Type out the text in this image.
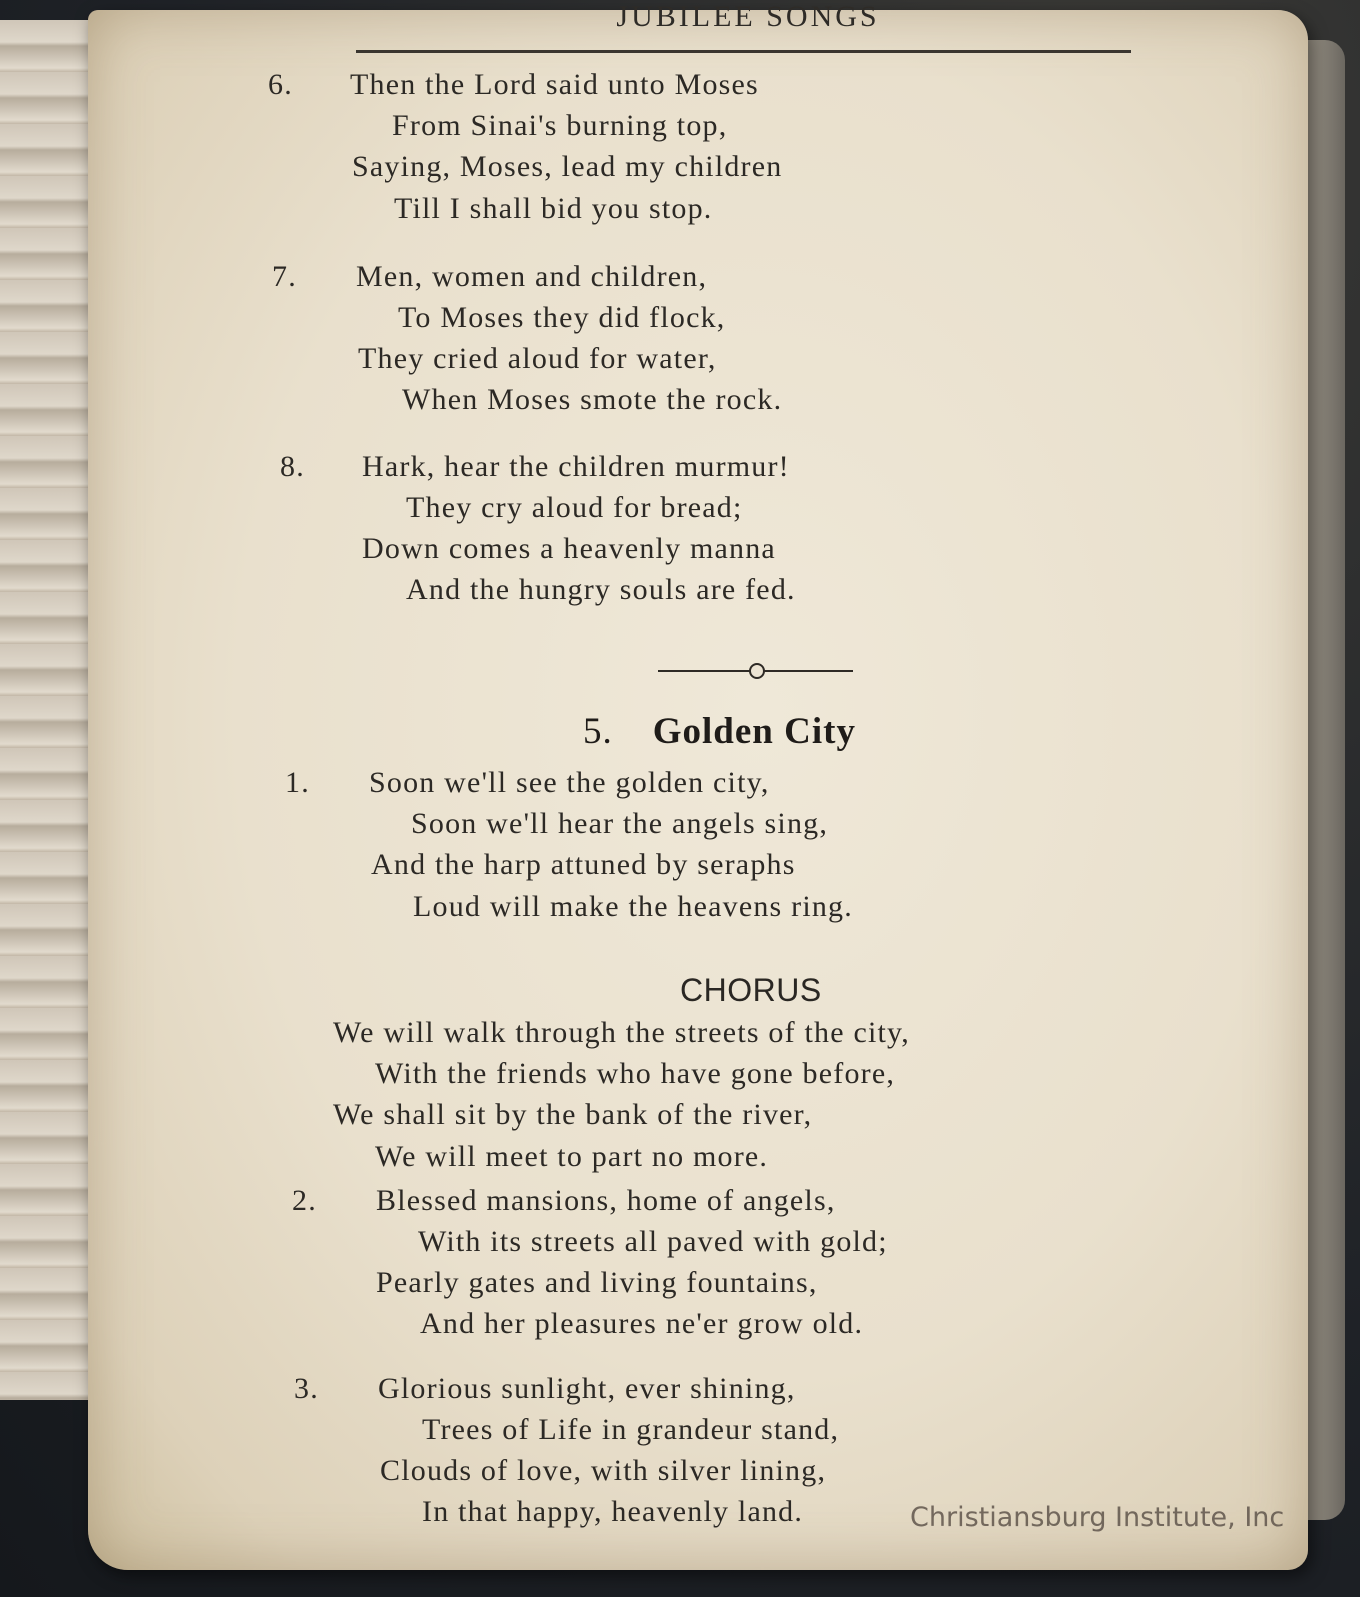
JUBILEE SONGS
6. Then the Lord said unto Moses
From Sinai's burning top,
Saying, Moses, lead my children
Till I shall bid you stop.
7. Men, women and children,
To Moses they did flock,
They cried aloud for water,
When Moses smote the rock.
8. Hark, hear the children murmur!
They cry aloud for bread;
Down comes a heavenly manna
And the hungry souls are fed.
5. Golden City
1. Soon we'll see the golden city,
Soon we'll hear the angels sing,
And the harp attuned by seraphs
Loud will make the heavens ring.
CHORUS
We will walk through the streets of the city,
With the friends who have gone before,
We shall sit by the bank of the river,
We will meet to part no more.
2. Blessed mansions, home of angels,
With its streets all paved with gold;
Pearly gates and living fountains,
And her pleasures ne'er grow old.
3. Glorious sunlight, ever shining,
Trees of Life in grandeur stand,
Clouds of love, with silver lining,
In that happy, heavenly land.	Christiansburg Institute, Inc
